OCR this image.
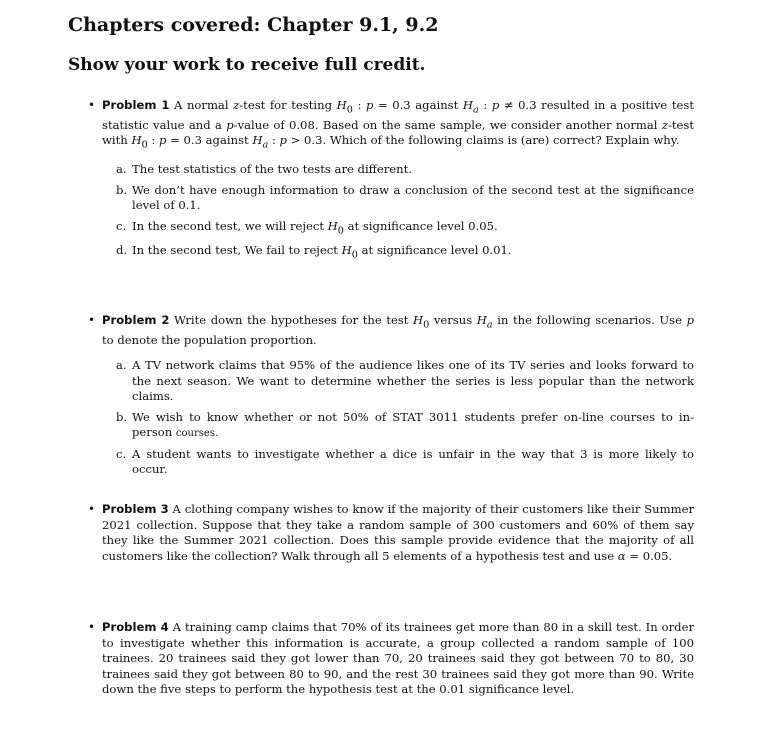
Chapters covered: Chapter 9.1, 9.2
Show your work to receive full credit.
• Problem 1 A normal z-test for testing $H_0$ : p = 0.3 against $H_a$ : p ≠ 0.3 resulted in a positive test statistic value and a p-value of 0.08. Based on the same sample, we consider another normal z-test with $H_0$ : p = 0.3 against $H_a$ : p > 0.3. Which of the following claims is (are) correct? Explain why.
a. The test statistics of the two tests are different.
b. We don’t have enough information to draw a conclusion of the second test at the significance level of 0.1.
c. In the second test, we will reject $H_0$ at significance level 0.05.
d. In the second test, We fail to reject $H_0$ at significance level 0.01.
• Problem 2 Write down the hypotheses for the test $H_0$ versus $H_a$ in the following scenarios. Use p to denote the population proportion.
a. A TV network claims that 95% of the audience likes one of its TV series and looks forward to the next season. We want to determine whether the series is less popular than the network claims.
b. We wish to know whether or not 50% of STAT 3011 students prefer on-line courses to in-person courses.
c. A student wants to investigate whether a dice is unfair in the way that 3 is more likely to occur.
• Problem 3 A clothing company wishes to know if the majority of their customers like their Summer 2021 collection. Suppose that they take a random sample of 300 customers and 60% of them say they like the Summer 2021 collection. Does this sample provide evidence that the majority of all customers like the collection? Walk through all 5 elements of a hypothesis test and use α = 0.05.
• Problem 4 A training camp claims that 70% of its trainees get more than 80 in a skill test. In order to investigate whether this information is accurate, a group collected a random sample of 100 trainees. 20 trainees said they got lower than 70, 20 trainees said they got between 70 to 80, 30 trainees said they got between 80 to 90, and the rest 30 trainees said they got more than 90. Write down the five steps to perform the hypothesis test at the 0.01 significance level.
